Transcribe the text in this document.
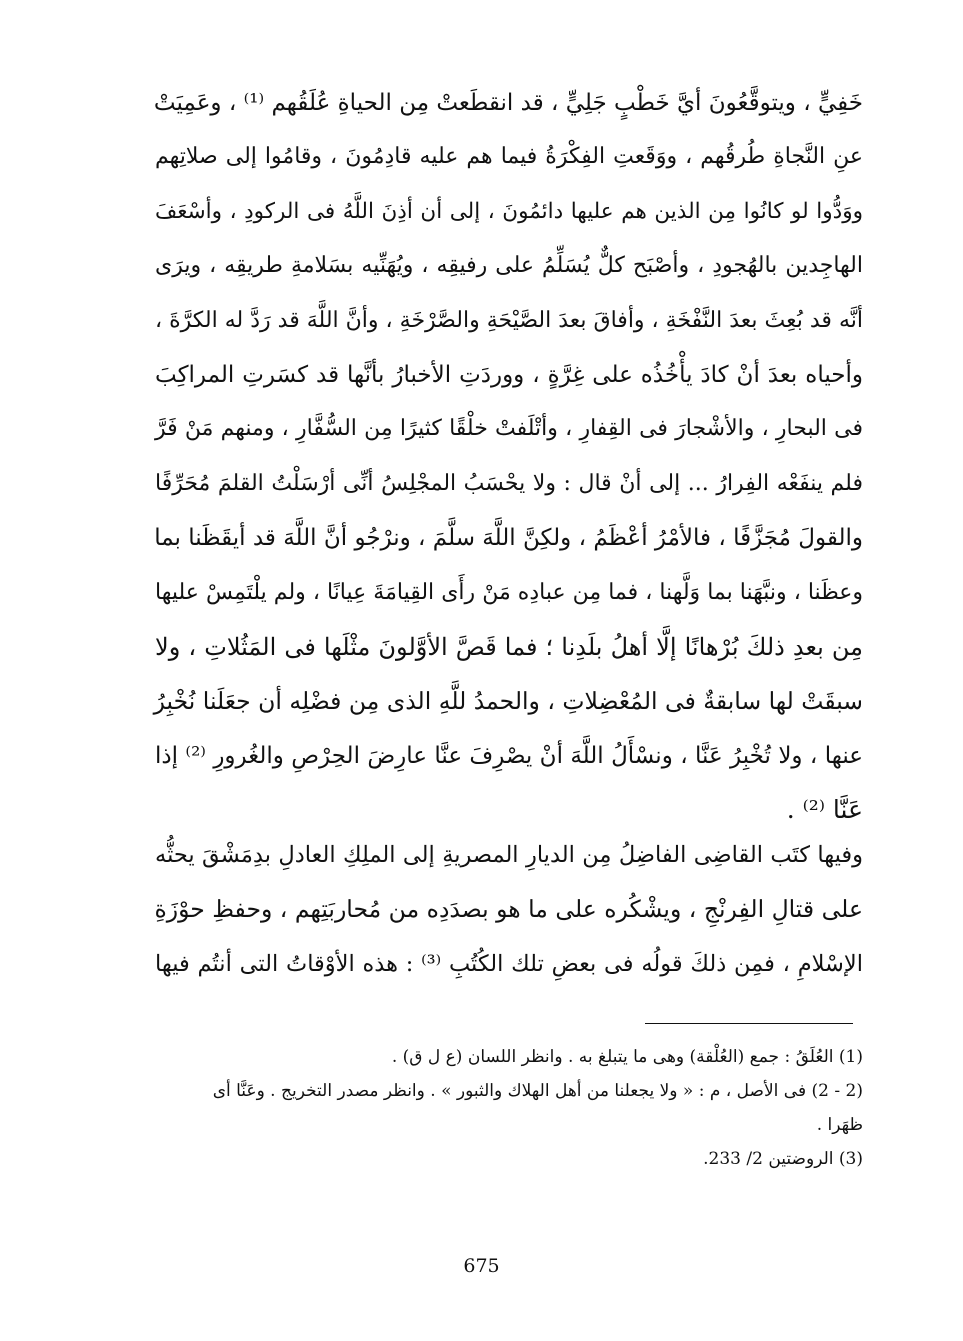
خَفِيٍّ ، ويتوقَّعُونَ أيَّ خَطْبٍ جَلِيٍّ ، قد انقطَعتْ مِن الحياةِ عُلَقُهم ⁽¹⁾ ، وعَمِيَتْ
عنِ النَّجاةِ طُرقُهم ، ووَقَعتِ الفِكْرَةُ فيما هم عليه قادِمُونَ ، وقامُوا إلى صلاتِهم
ووَدُّوا لو كانُوا مِن الذين هم عليها دائمُونَ ، إلى أن أذِنَ اللَّهُ فى الركودِ ، وأسْعَفَ
الهاجِدين بالهُجودِ ، وأصْبَح كلٌّ يُسَلِّمُ على رفيقِه ، ويُهَنِّيه بسَلامةِ طريقِه ، ويرَى
أنَّه قد بُعِثَ بعدَ النَّفْخَةِ ، وأفاقَ بعدَ الصَّيْحَةِ والصَّرْخَةِ ، وأنَّ اللَّهَ قد رَدَّ له الكرَّةَ ،
وأحياه بعدَ أنْ كادَ يأْخُذُه على غِرَّةٍ ، ووردَتِ الأخبارُ بأنَّها قد كسَرتِ المراكِبَ
فى البحارِ ، والأشْجارَ فى القِفارِ ، وأتْلَفتْ خلْقًا كثيرًا مِن السُّفَّارِ ، ومنهم مَنْ فَرَّ
فلم ينفَعْه الفِرارُ ... إلى أنْ قال : ولا يحْسَبُ المجْلِسُ أنِّى أرْسَلْتُ القلمَ مُحَرِّفًا
والقولَ مُجَزَّفًا ، فالأمْرُ أعْظَمُ ، ولكِنَّ اللَّهَ سلَّمَ ، ونرْجُو أنَّ اللَّهَ قد أيقَظَنا بما
وعظَنا ، ونبَّهَنا بما وَلَّهنا ، فما مِن عبادِه مَنْ رأَى القِيامَةَ عِيانًا ، ولم يلْتَمِسْ عليها
مِن بعدِ ذلكَ بُرْهانًا إلَّا أهلُ بلَدِنا ؛ فما قَصَّ الأوَّلونَ مثْلَها فى المَثُلاتِ ، ولا
سبقَتْ لها سابقةٌ فى المُعْضِلاتِ ، والحمدُ للَّهِ الذى مِن فضْلِه أن جعَلَنا نُخْبِرُ
عنها ، ولا تُخْبِرُ عَنَّا ، ونسْأَلُ اللَّهَ أنْ يصْرِفَ عنَّا عارِضَ الحِرْصِ والغُرورِ ⁽²⁾ إذا
عَنَّا ⁽²⁾ .
وفيها كتَب القاضِى الفاضِلُ مِن الديارِ المصريةِ إلى الملِكِ العادلِ بدِمَشْقَ يحثُّه
على قتالِ الفِرنْجِ ، ويشْكُره على ما هو بصدَدِه من مُحاربَتِهم ، وحفظِ حوْزَةِ
الإسْلامِ ، فمِن ذلكَ قولُه فى بعضِ تلك الكُتُبِ ⁽³⁾ : هذه الأوْقاتُ التى أنتُم فيها
(1) العُلَقُ : جمع (العُلْقة) وهى ما يتبلغ به . وانظر اللسان (ع ل ق) .
(2 - 2) فى الأصل ، م : « ولا يجعلنا من أهل الهلاك والثبور » . وانظر مصدر التخريج . وعَنَّا أى
ظهَرا .
(3) الروضتين 2/ 233.
675
